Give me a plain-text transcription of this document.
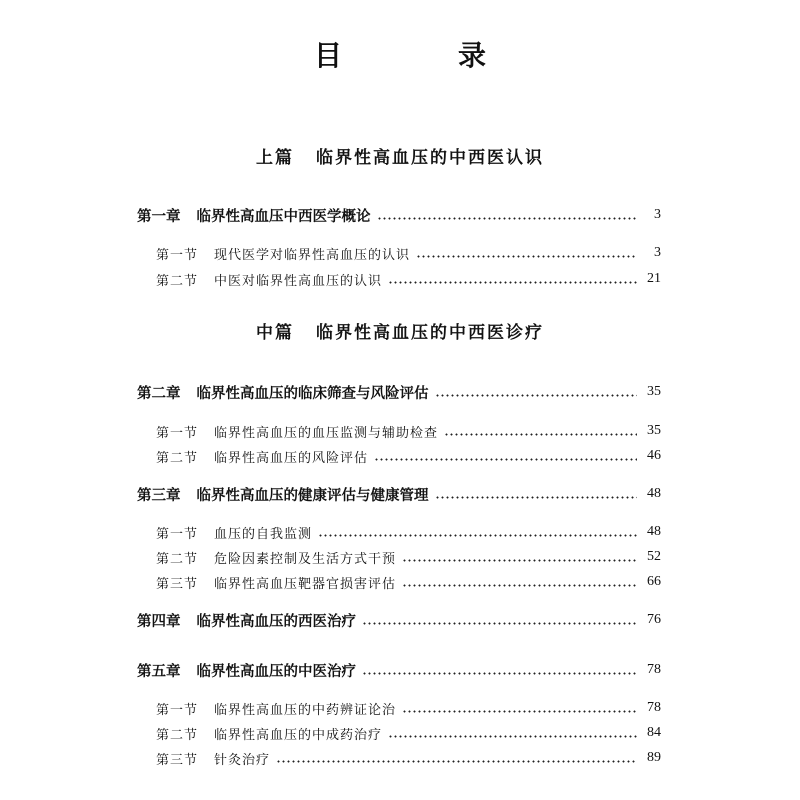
目　录
上篇 临界性高血压的中西医认识
第一章 临界性高血压中西医学概论	3
第一节 现代医学对临界性高血压的认识	3
第二节 中医对临界性高血压的认识	21
中篇 临界性高血压的中西医诊疗
第二章 临界性高血压的临床筛查与风险评估	35
第一节 临界性高血压的血压监测与辅助检查	35
第二节 临界性高血压的风险评估	46
第三章 临界性高血压的健康评估与健康管理	48
第一节 血压的自我监测	48
第二节 危险因素控制及生活方式干预	52
第三节 临界性高血压靶器官损害评估	66
第四章 临界性高血压的西医治疗	76
第五章 临界性高血压的中医治疗	78
第一节 临界性高血压的中药辨证论治	78
第二节 临界性高血压的中成药治疗	84
第三节 针灸治疗	89
